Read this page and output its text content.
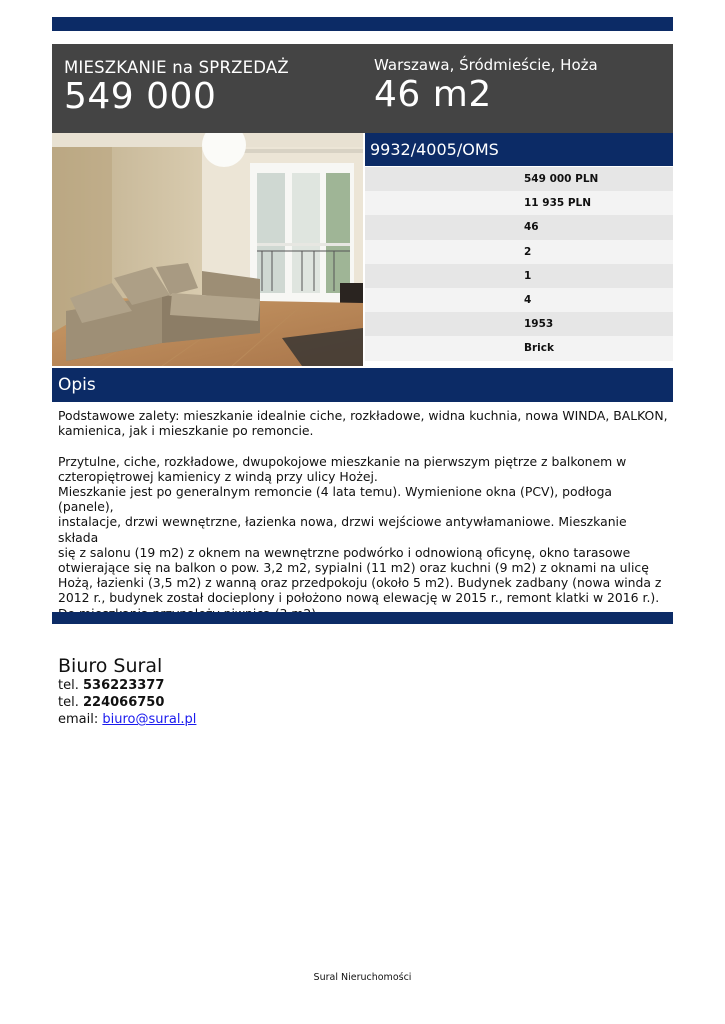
MIESZKANIE na SPRZEDAŻ
549 000
Warszawa, Śródmieście, Hoża
46 m2
9932/4005/OMS
549 000 PLN
11 935 PLN
46
2
1
4
1953
Brick
Opis

Podstawowe zalety: mieszkanie idealnie ciche, rozkładowe, widna kuchnia, nowa WINDA, BALKON,
kamienica, jak i mieszkanie po remoncie.

Przytulne, ciche, rozkładowe, dwupokojowe mieszkanie na pierwszym piętrze z balkonem w
czteropiętrowej kamienicy z windą przy ulicy Hożej.
Mieszkanie jest po generalnym remoncie (4 lata temu). Wymienione okna (PCV), podłoga (panele),
instalacje, drzwi wewnętrzne, łazienka nowa, drzwi wejściowe antywłamaniowe. Mieszkanie składa
się z salonu (19 m2) z oknem na wewnętrzne podwórko i odnowioną oficynę, okno tarasowe
otwierające się na balkon o pow. 3,2 m2, sypialni (11 m2) oraz kuchni (9 m2) z oknami na ulicę
Hożą, łazienki (3,5 m2) z wanną oraz przedpokoju (około 5 m2). Budynek zadbany (nowa winda z
2012 r., budynek został docieplony i położono nową elewację w 2015 r., remont klatki w 2016 r.).

Biuro Sural
tel. 536223377
tel. 224066750
email: biuro@sural.pl
Sural Nieruchomości
